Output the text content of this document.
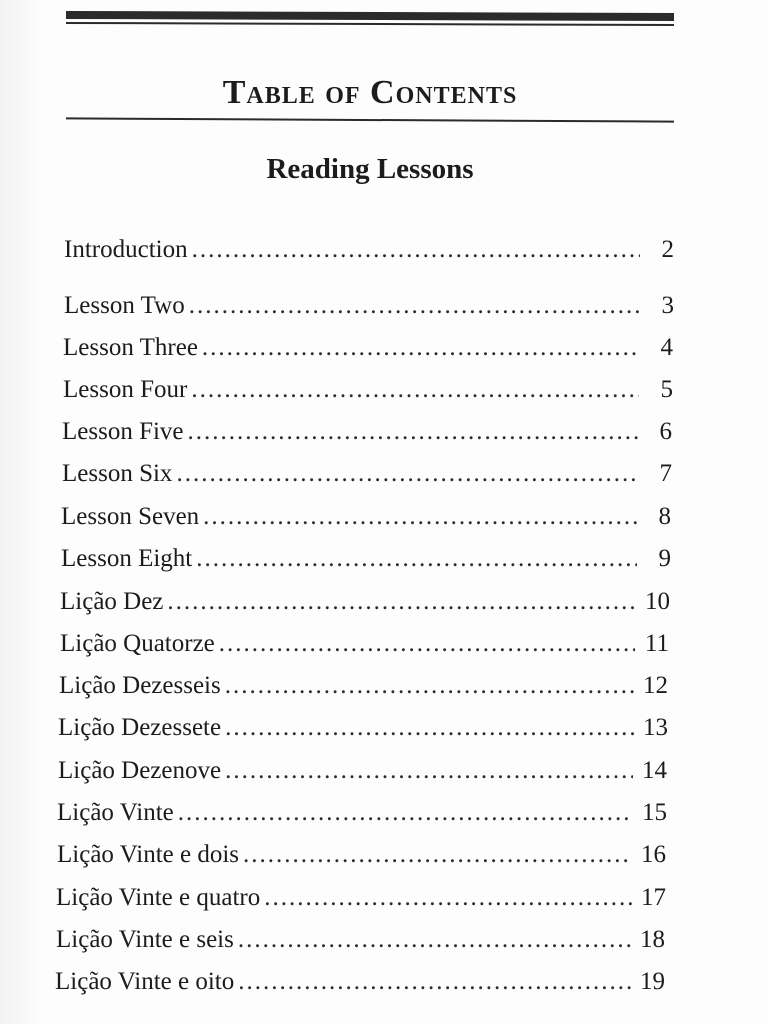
Table of Contents
Reading Lessons
Introduction .....	2
Lesson Two .....	3
Lesson Three .....	4
Lesson Four .....	5
Lesson Five .....	6
Lesson Six .....	7
Lesson Seven .....	8
Lesson Eight .....	9
Lição Dez .....	10
Lição Quatorze .....	11
Lição Dezesseis .....	12
Lição Dezessete .....	13
Lição Dezenove .....	14
Lição Vinte .....	15
Lição Vinte e dois .....	16
Lição Vinte e quatro .....	17
Lição Vinte e seis .....	18
Lição Vinte e oito .....	19
